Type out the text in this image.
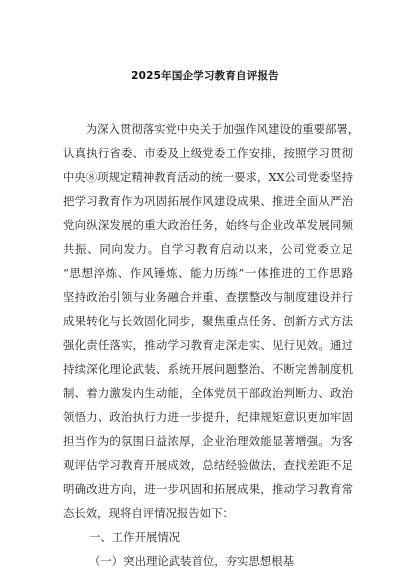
2025年国企学习教育自评报告
　　为深入贯彻落实党中央关于加强作风建设的重要部署，
认真执行省委、市委及上级党委工作安排，按照学习贯彻
中央⑧项规定精神教育活动的统一要求，XX公司党委坚持
把学习教育作为巩固拓展作风建设成果、推进全面从严治
党向纵深发展的重大政治任务，始终与企业改革发展同频
共振、同向发力。自学习教育启动以来，公司党委立足
“思想淬炼、作风锤炼、能力历练”一体推进的工作思路
坚持政治引领与业务融合并重、查摆整改与制度建设并行
成果转化与长效固化同步，聚焦重点任务、创新方式方法
强化责任落实，推动学习教育走深走实、见行见效。通过
持续深化理论武装、系统开展问题整治、不断完善制度机
制、着力激发内生动能，全体党员干部政治判断力、政治
领悟力、政治执行力进一步提升，纪律规矩意识更加牢固
担当作为的氛围日益浓厚，企业治理效能显著增强。为客
观评估学习教育开展成效，总结经验做法，查找差距不足
明确改进方向，进一步巩固和拓展成果，推动学习教育常
态长效，现将自评情况报告如下：
一、工作开展情况
（一）突出理论武装首位，夯实思想根基
